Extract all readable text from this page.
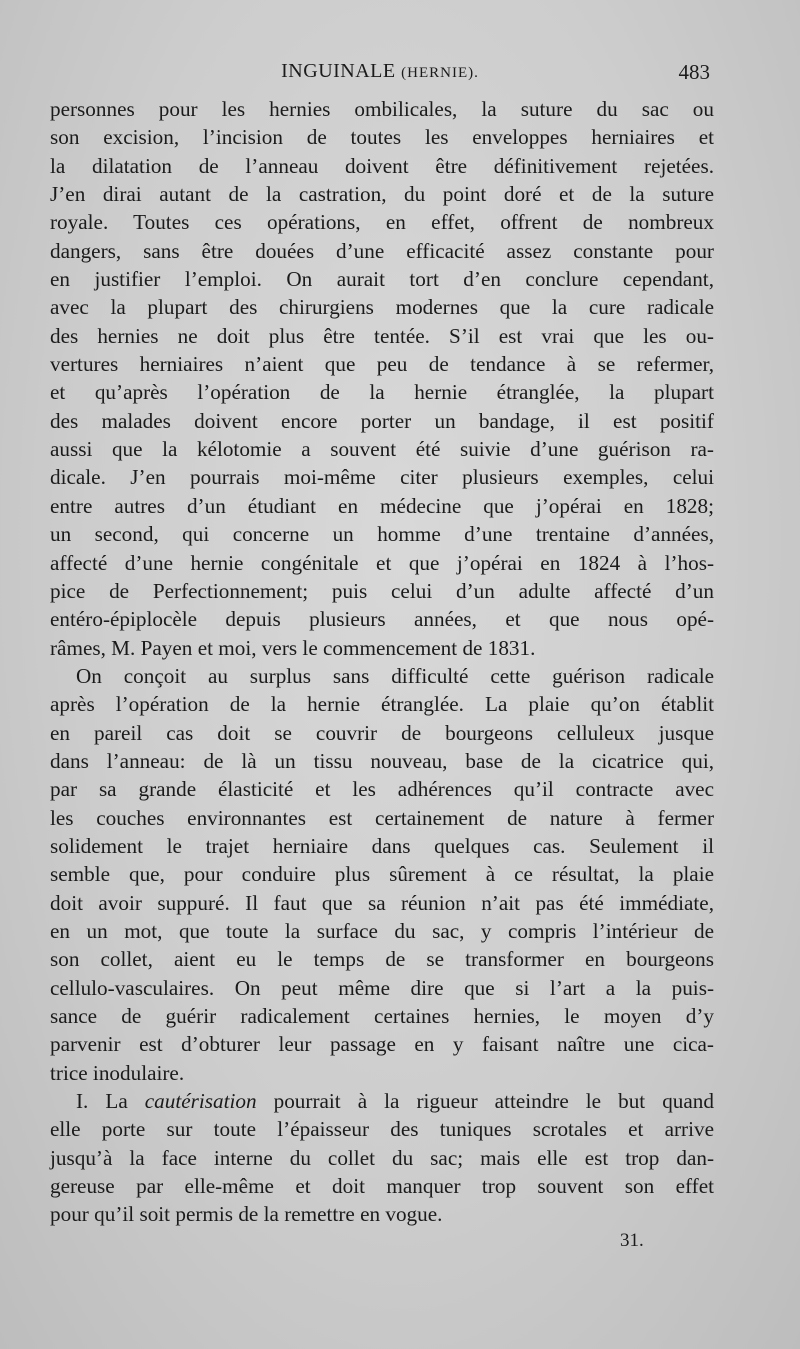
INGUINALE (HERNIE).	483
personnes pour les hernies ombilicales, la suture du sac ou
son excision, l’incision de toutes les enveloppes herniaires et
la dilatation de l’anneau doivent être définitivement rejetées.
J’en dirai autant de la castration, du point doré et de la suture
royale. Toutes ces opérations, en effet, offrent de nombreux
dangers, sans être douées d’une efficacité assez constante pour
en justifier l’emploi. On aurait tort d’en conclure cependant,
avec la plupart des chirurgiens modernes que la cure radicale
des hernies ne doit plus être tentée. S’il est vrai que les ou-
vertures herniaires n’aient que peu de tendance à se refermer,
et qu’après l’opération de la hernie étranglée, la plupart
des malades doivent encore porter un bandage, il est positif
aussi que la kélotomie a souvent été suivie d’une guérison ra-
dicale. J’en pourrais moi-même citer plusieurs exemples, celui
entre autres d’un étudiant en médecine que j’opérai en 1828;
un second, qui concerne un homme d’une trentaine d’années,
affecté d’une hernie congénitale et que j’opérai en 1824 à l’hos-
pice de Perfectionnement; puis celui d’un adulte affecté d’un
entéro-épiplocèle depuis plusieurs années, et que nous opé-
râmes, M. Payen et moi, vers le commencement de 1831.
On conçoit au surplus sans difficulté cette guérison radicale
après l’opération de la hernie étranglée. La plaie qu’on établit
en pareil cas doit se couvrir de bourgeons celluleux jusque
dans l’anneau: de là un tissu nouveau, base de la cicatrice qui,
par sa grande élasticité et les adhérences qu’il contracte avec
les couches environnantes est certainement de nature à fermer
solidement le trajet herniaire dans quelques cas. Seulement il
semble que, pour conduire plus sûrement à ce résultat, la plaie
doit avoir suppuré. Il faut que sa réunion n’ait pas été immédiate,
en un mot, que toute la surface du sac, y compris l’intérieur de
son collet, aient eu le temps de se transformer en bourgeons
cellulo-vasculaires. On peut même dire que si l’art a la puis-
sance de guérir radicalement certaines hernies, le moyen d’y
parvenir est d’obturer leur passage en y faisant naître une cica-
trice inodulaire.
I. La cautérisation pourrait à la rigueur atteindre le but quand
elle porte sur toute l’épaisseur des tuniques scrotales et arrive
jusqu’à la face interne du collet du sac; mais elle est trop dan-
gereuse par elle-même et doit manquer trop souvent son effet
pour qu’il soit permis de la remettre en vogue.
31.
